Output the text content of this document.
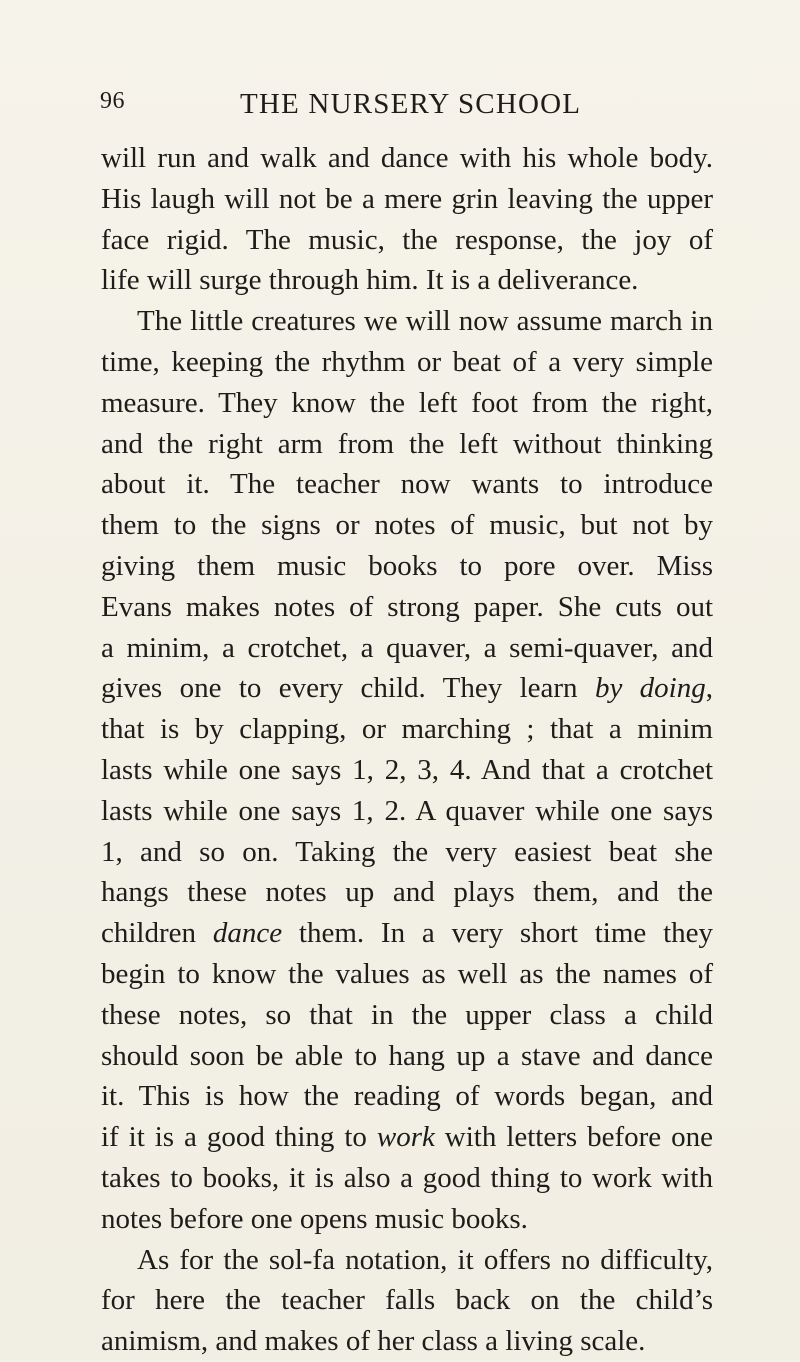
96	THE NURSERY SCHOOL
will run and walk and dance with his whole body.
His laugh will not be a mere grin leaving the upper
face rigid. The music, the response, the joy of
life will surge through him. It is a deliverance.
The little creatures we will now assume march in
time, keeping the rhythm or beat of a very simple
measure. They know the left foot from the right,
and the right arm from the left without thinking
about it. The teacher now wants to introduce
them to the signs or notes of music, but not by
giving them music books to pore over. Miss
Evans makes notes of strong paper. She cuts out
a minim, a crotchet, a quaver, a semi-quaver, and
gives one to every child. They learn by doing,
that is by clapping, or marching ; that a minim
lasts while one says 1, 2, 3, 4. And that a crotchet
lasts while one says 1, 2. A quaver while one says
1, and so on. Taking the very easiest beat she
hangs these notes up and plays them, and the
children dance them. In a very short time they
begin to know the values as well as the names of
these notes, so that in the upper class a child
should soon be able to hang up a stave and dance
it. This is how the reading of words began, and
if it is a good thing to work with letters before one
takes to books, it is also a good thing to work with
notes before one opens music books.
As for the sol-fa notation, it offers no difficulty,
for here the teacher falls back on the child’s
animism, and makes of her class a living scale.
